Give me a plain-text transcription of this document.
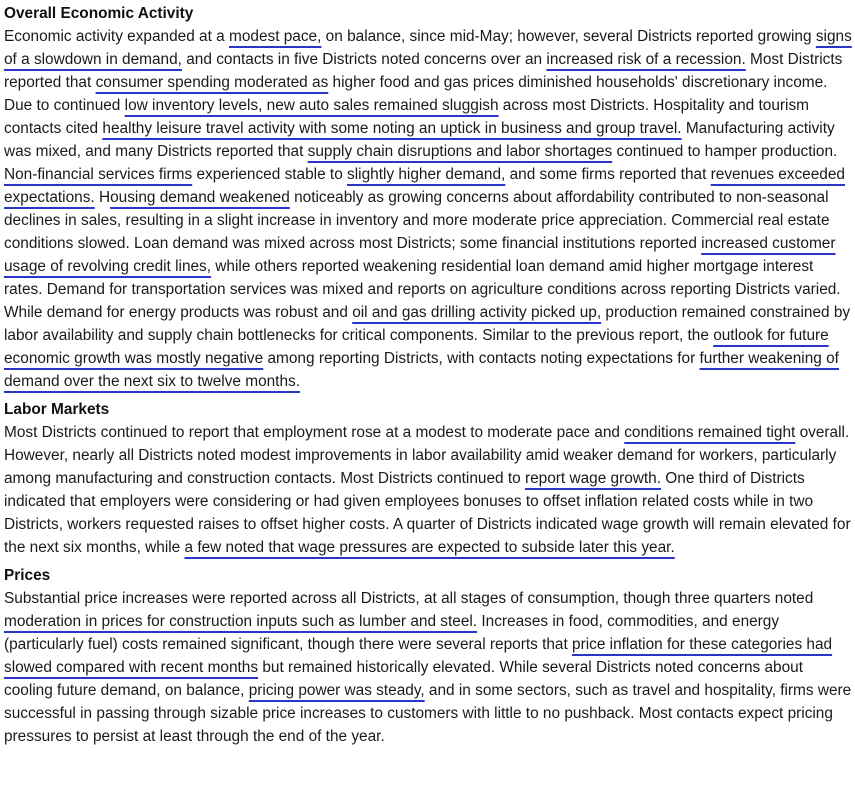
Overall Economic Activity

Economic activity expanded at a modest pace, on balance, since mid-May; however, several Districts reported growing signs of a slowdown in demand, and contacts in five Districts noted concerns over an increased risk of a recession. Most Districts reported that consumer spending moderated as higher food and gas prices diminished households' discretionary income. Due to continued low inventory levels, new auto sales remained sluggish across most Districts. Hospitality and tourism contacts cited healthy leisure travel activity with some noting an uptick in business and group travel. Manufacturing activity was mixed, and many Districts reported that supply chain disruptions and labor shortages continued to hamper production. Non-financial services firms experienced stable to slightly higher demand, and some firms reported that revenues exceeded expectations. Housing demand weakened noticeably as growing concerns about affordability contributed to non-seasonal declines in sales, resulting in a slight increase in inventory and more moderate price appreciation. Commercial real estate conditions slowed. Loan demand was mixed across most Districts; some financial institutions reported increased customer usage of revolving credit lines, while others reported weakening residential loan demand amid higher mortgage interest rates. Demand for transportation services was mixed and reports on agriculture conditions across reporting Districts varied. While demand for energy products was robust and oil and gas drilling activity picked up, production remained constrained by labor availability and supply chain bottlenecks for critical components. Similar to the previous report, the outlook for future economic growth was mostly negative among reporting Districts, with contacts noting expectations for further weakening of demand over the next six to twelve months.

Labor Markets

Most Districts continued to report that employment rose at a modest to moderate pace and conditions remained tight overall. However, nearly all Districts noted modest improvements in labor availability amid weaker demand for workers, particularly among manufacturing and construction contacts. Most Districts continued to report wage growth. One third of Districts indicated that employers were considering or had given employees bonuses to offset inflation related costs while in two Districts, workers requested raises to offset higher costs. A quarter of Districts indicated wage growth will remain elevated for the next six months, while a few noted that wage pressures are expected to subside later this year.

Prices

Substantial price increases were reported across all Districts, at all stages of consumption, though three quarters noted moderation in prices for construction inputs such as lumber and steel. Increases in food, commodities, and energy (particularly fuel) costs remained significant, though there were several reports that price inflation for these categories had slowed compared with recent months but remained historically elevated. While several Districts noted concerns about cooling future demand, on balance, pricing power was steady, and in some sectors, such as travel and hospitality, firms were successful in passing through sizable price increases to customers with little to no pushback. Most contacts expect pricing pressures to persist at least through the end of the year.
